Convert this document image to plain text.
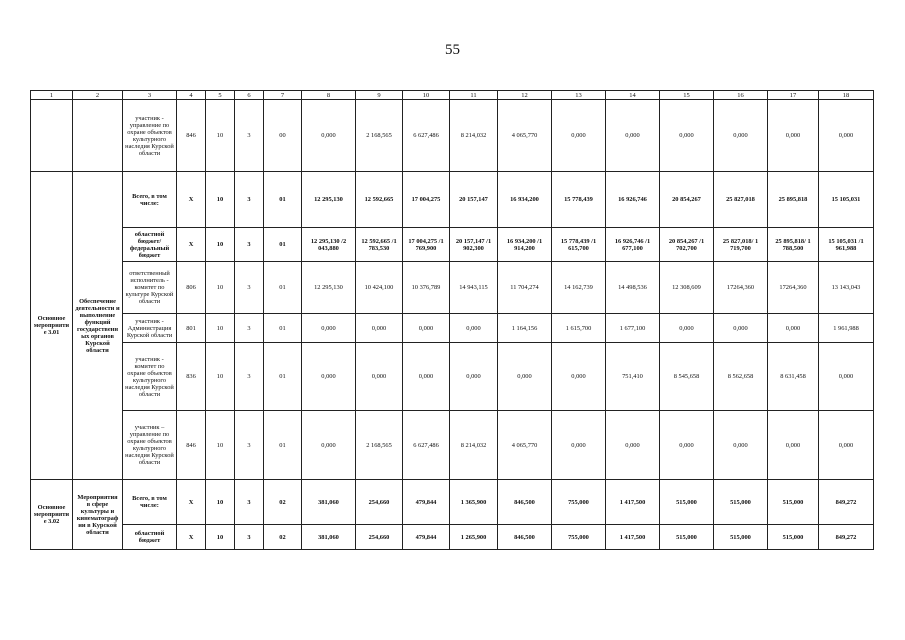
55
1	2	3	4	5	6	7	8	9	10	11	12	13	14	15	16	17	18
		участник - управление по охране объектов культурного наследия Курской области	846	10	3	00	0,000	2 168,565	6 627,486	8 214,032	4 065,770	0,000	0,000	0,000	0,000	0,000	0,000
Основное мероприятие 3.01	Обеспечение деятельности и выполнение функций государственных органов Курской области	Всего, в том числе:	Х	10	3	01	12 295,130	12 592,665	17 004,275	20 157,147	16 934,200	15 778,439	16 926,746	20 854,267	25 827,018	25 895,818	15 105,031
		областной бюджет/ федеральный бюджет	Х	10	3	01	12 295,130 /2 043,880	12 592,665 /1 783,530	17 004,275 /1 769,900	20 157,147 /1 902,300	16 934,200 /1 914,200	15 778,439 /1 615,700	16 926,746 /1 677,100	20 854,267 /1 702,700	25 827,018/ 1 719,700	25 895,818/ 1 788,500	15 105,031 /1 961,988
		ответственный исполнитель - комитет по культуре Курской области	806	10	3	01	12 295,130	10 424,100	10 376,789	14 943,115	11 704,274	14 162,739	14 498,536	12 308,609	17264,360	17264,360	13 143,043
		участник - Администрация Курской области	801	10	3	01	0,000	0,000	0,000	0,000	1 164,156	1 615,700	1 677,100	0,000	0,000	0,000	1 961,988
		участник - комитет по охране объектов культурного наследия Курской области	836	10	3	01	0,000	0,000	0,000	0,000	0,000	0,000	751,410	8 545,658	8 562,658	8 631,458	0,000
		участник – управление по охране объектов культурного наследия Курской области	846	10	3	01	0,000	2 168,565	6 627,486	8 214,032	4 065,770	0,000	0,000	0,000	0,000	0,000	0,000
Основное мероприятие 3.02	Мероприятия в сфере культуры и кинематографии в Курской области	Всего, в том числе:	Х	10	3	02	381,060	254,660	479,844	1 365,900	846,500	755,000	1 417,500	515,000	515,000	515,000	849,272
		областной бюджет	Х	10	3	02	381,060	254,660	479,844	1 265,900	846,500	755,000	1 417,500	515,000	515,000	515,000	849,272
